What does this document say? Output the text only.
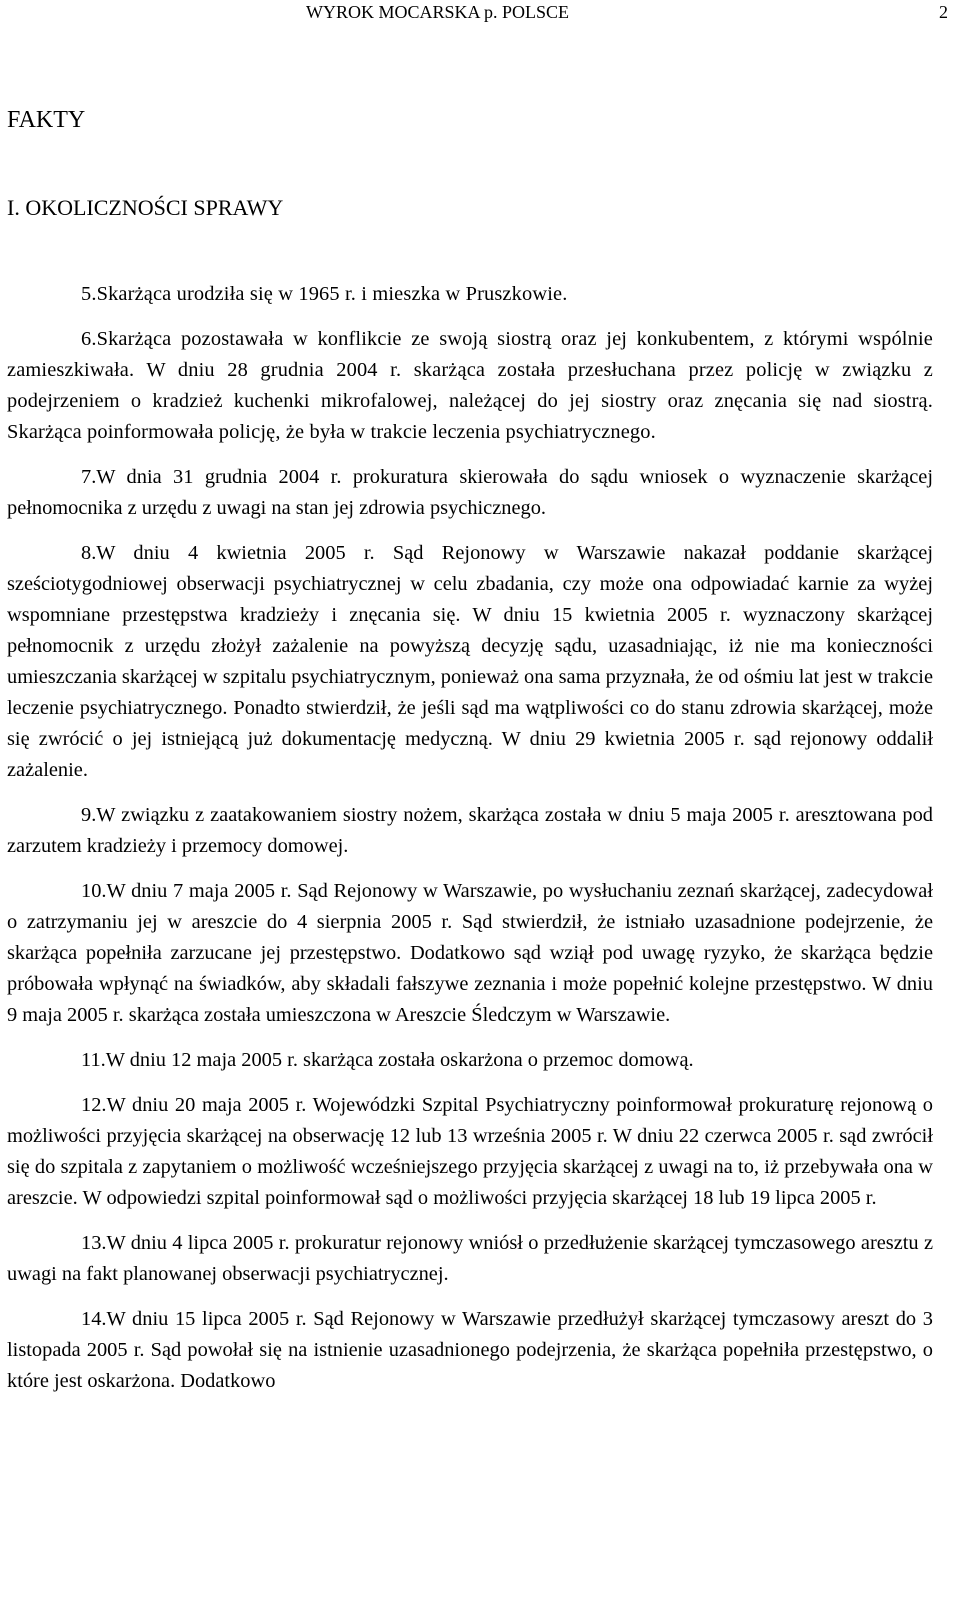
WYROK MOCARSKA p. POLSCE	2
FAKTY
I. OKOLICZNOŚCI SPRAWY

5.Skarżąca urodziła się w 1965 r. i mieszka w Pruszkowie.

6.Skarżąca pozostawała w konflikcie ze swoją siostrą oraz jej konkubentem, z którymi wspólnie zamieszkiwała. W dniu 28 grudnia 2004 r. skarżąca została przesłuchana przez policję w związku z podejrzeniem o kradzież kuchenki mikrofalowej, należącej do jej siostry oraz znęcania się nad siostrą. Skarżąca poinformowała policję, że była w trakcie leczenia psychiatrycznego.

7.W dnia 31 grudnia 2004 r. prokuratura skierowała do sądu wniosek o wyznaczenie skarżącej pełnomocnika z urzędu z uwagi na stan jej zdrowia psychicznego.

8.W dniu 4 kwietnia 2005 r. Sąd Rejonowy w Warszawie nakazał poddanie skarżącej sześciotygodniowej obserwacji psychiatrycznej w celu zbadania, czy może ona odpowiadać karnie za wyżej wspomniane przestępstwa kradzieży i znęcania się. W dniu 15 kwietnia 2005 r. wyznaczony skarżącej pełnomocnik z urzędu złożył zażalenie na powyższą decyzję sądu, uzasadniając, iż nie ma konieczności umieszczania skarżącej w szpitalu psychiatrycznym, ponieważ ona sama przyznała, że od ośmiu lat jest w trakcie leczenie psychiatrycznego. Ponadto stwierdził, że jeśli sąd ma wątpliwości co do stanu zdrowia skarżącej, może się zwrócić o jej istniejącą już dokumentację medyczną. W dniu 29 kwietnia 2005 r. sąd rejonowy oddalił zażalenie.

9.W związku z zaatakowaniem siostry nożem, skarżąca została w dniu 5 maja 2005 r. aresztowana pod zarzutem kradzieży i przemocy domowej.

10.W dniu 7 maja 2005 r. Sąd Rejonowy w Warszawie, po wysłuchaniu zeznań skarżącej, zadecydował o zatrzymaniu jej w areszcie do 4 sierpnia 2005 r. Sąd stwierdził, że istniało uzasadnione podejrzenie, że skarżąca popełniła zarzucane jej przestępstwo. Dodatkowo sąd wziął pod uwagę ryzyko, że skarżąca będzie próbowała wpłynąć na świadków, aby składali fałszywe zeznania i może popełnić kolejne przestępstwo. W dniu 9 maja 2005 r. skarżąca została umieszczona w Areszcie Śledczym w Warszawie.

11.W dniu 12 maja 2005 r. skarżąca została oskarżona o przemoc domową.

12.W dniu 20 maja 2005 r. Wojewódzki Szpital Psychiatryczny poinformował prokuraturę rejonową o możliwości przyjęcia skarżącej na obserwację 12 lub 13 września 2005 r. W dniu 22 czerwca 2005 r. sąd zwrócił się do szpitala z zapytaniem o możliwość wcześniejszego przyjęcia skarżącej z uwagi na to, iż przebywała ona w areszcie. W odpowiedzi szpital poinformował sąd o możliwości przyjęcia skarżącej 18 lub 19 lipca 2005 r.

13.W dniu 4 lipca 2005 r. prokuratur rejonowy wniósł o przedłużenie skarżącej tymczasowego aresztu z uwagi na fakt planowanej obserwacji psychiatrycznej.

14.W dniu 15 lipca 2005 r. Sąd Rejonowy w Warszawie przedłużył skarżącej tymczasowy areszt do 3 listopada 2005 r. Sąd powołał się na istnienie uzasadnionego podejrzenia, że skarżąca popełniła przestępstwo, o które jest oskarżona. Dodatkowo
